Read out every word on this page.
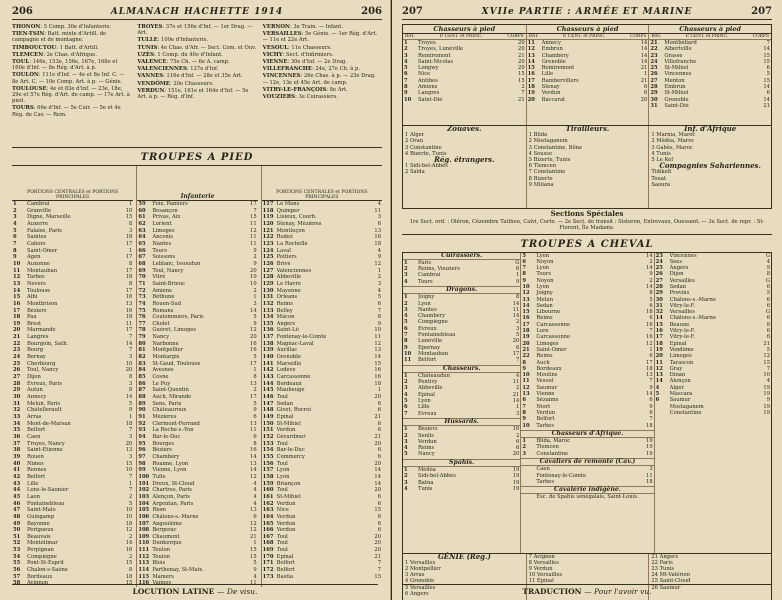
206	ALMANACH HACHETTE 1914	206
THONON: 5 Comp. 30e d'Infanterie.
TIEN-TSIN: Batt. mixte d'Artill. de campagne et de montagne.
TIMBOUCTOU: 1 Batt. d'Artill.
TLEMCEN: 2e Chas. d'Afrique.
TOUL: 146e, 153e, 156e, 167e, 168e et 160e d'Inf. — 8e Rég. d'Art. à p.
TOULON: 111e d'Inf. — 4e et 8e Inf. C. — 8e Art. C. — 10e Comp. Art. à p. — Génie.
TOULOUSE: 4e et 83e d'Inf. — 23e, 18e, 29e et 57e Rég. d'Art. de camp. — 17e Art. à pied.
TOURS: 66e d'Inf. — 5e Cuir. — 5e et 4e Rég. de Cav. — Rem.
TROYES: 37e et 156e d'Inf. — 1er Drag. — Art.
TULLE: 100e d'Infanterie.
TUNIS: 4e Chas. d'Afr. — Sect. Com. et Ouv.
UZÈS: 1 Comp. du 40e d'Infant.
VALENCE: 75e Ch. — 6e A. camp.
VALENCIENNES: 127e d'Inf.
VANNES: 116e d'Inf. — 28e et 35e Art.
VENDÔME: 20e Chasseurs.
VERDUN: 151e, 161e et 164e d'Inf. — 5e Art. à p. — Rég. d'Inf.
VERNON: 3e Train. — Infant.
VERSAILLES: 5e Génie. — 1er Rég. d'Art. — 11e et 22e Art.
VESOUL: 11e Chasseurs.
VICHY: Sect. d'Infirmiers.
VIENNE: 30e d'Inf. — 2e Drag.
VILLEFRANCHE: 24e, 27e Ch. à p.
VINCENNES: 26e Chas. à p. — 23e Drag. — 12e, 13e et 45e Art. de camp.
VITRY-LE-FRANÇOIS: 8e Art.
VOUZIERS: 3e Cuirassiers.
TROUPES A PIED
PORTIONS CENTRALES et PORTIONS PRINCIPALES
1	Cambrai	1
2	Granville	10
3	Digne, Marseille	15
4	Auxerre	8
5	Falaise, Paris	3
6	Saintes	18
7	Cahors	17
8	Saint-Omer	1
9	Agen	17
10	Auxonne	8
11	Montauban	17
12	Tarbes	18
13	Nevers	8
14	Toulouse	17
15	Albi	16
16	Montbrison	13
17	Béziers	16
18	Pau	18
19	Brest	11
20	Marmande	17
21	Langres	7
22	Bourgoin, Sath.	14
23	Bourg	7
24	Bernay	3
25	Cherbourg	10
26	Toul, Nancy	20
27	Dijon	8
28	Évreux, Paris	3
29	Autun	8
30	Annecy	14
31	Melun, Paris	5
32	Châtellerault	9
33	Arras	1
34	Mont-de-Marsan	18
35	Belfort	7
36	Caen	3
37	Troyes, Nancy	20
38	Saint-Étienne	13
39	Rouen	3
40	Nîmes	15
41	Rennes	10
42	Belfort	7
43	Lille	1
44	Lons-le-Saunier	7
45	Laon	2
46	Fontainebleau	5
47	Saint-Malo	10
48	Guingamp	10
49	Bayonne	18
50	Périgueux	12
51	Beauvais	2
52	Montélimar	14
53	Perpignan	16
54	Compiègne	2
55	Pont-St-Esprit	15
56	Chalon-s-Saône	8
57	Bordeaux	18
58	Avignon	15
Infanterie
59	Foix, Pamiers	17
60	Besançon	7
61	Privas, Aix	15
62	Lorient	11
63	Limoges	12
64	Ancenis	11
65	Nantes	11
66	Tours	9
67	Soissons	2
68	Leblanc, Issoudun	9
69	Toul, Nancy	20
70	Vitré	10
71	Saint-Brieuc	10
72	Amiens	2
73	Béthune	1
74	Rouen-Sud	3
75	Romans	14
76	Coulommiers, Paris	5
77	Cholet	9
78	Guéret, Limoges	12
79	Nancy	20
80	Narbonne	16
81	Montpellier	16
82	Montargis	5
83	St-Gaud, Toulouse	17
84	Avesnes	1
85	Cosne	8
86	Le Puy	13
87	Saint-Quentin	2
88	Auch, Mirande	17
89	Sens, Paris	5
90	Châteauroux	9
91	Mézières	6
92	Clermont-Ferrand	13
93	La Roche-s.-Yon	11
94	Bar-le-Duc	6
95	Bourges	8
96	Béziers	16
97	Chambéry	14
98	Roanne, Lyon	13
99	Vienne, Lyon	14
100 Tulle	12
101 Dreux, St-Cloud	4
102 Chartres, Paris	4
103 Alençon, Paris	4
104 Argentan, Paris	4
105 Riom	13
106 Châlons-s.-Marne	6
107 Angoulême	12
108 Bergerac	12
109 Chaumont	21
110 Dunkerque	1
111 Toulon	15
112 Toulon	15
113 Blois	5
114 Parthenay, St-Maix.	9
115 Mamers	4
116 Vannes	11
PORTIONS CENTRALES et PORTIONS PRINCIPALES
117 Le Mans	4
118 Quimper	11
119 Lisieux, Courb.	3
120 Stenay, Mézières	6
121 Montluçon	13
122 Rodez	16
123 La Rochelle	18
124 Laval	4
125 Poitiers	9
126 Brive	12
127 Valenciennes	1
128 Abbeville	2
129 Le Havre	3
130 Mayenne	4
131 Orléans	5
132 Reims	6
133 Belley	7
134 Mâcon	8
135 Angers	9
136 Saint-Lô	10
137 Fontenay-le-Comte	11
138 Magnac-Laval	12
139 Aurillac	13
140 Grenoble	14
141 Marseille	15
142 Lodève	16
143 Carcassonne	16
144 Bordeaux	18
145 Maubeuge	1
146 Toul	20
147 Sedan	6
148 Givet, Rocroi	6
149 Épinal	21
150 St-Mihiel	6
151 Verdun	6
152 Gérardmer	21
153 Toul	20
154 Bar-le-Duc	6
155 Commercy	6
156 Toul	20
157 Lyon	14
158 Lyon	14
159 Briançon	14
160 Toul	20
161 St-Mihiel	6
162 Verdun	6
163 Nice	15
164 Verdun	6
165 Verdun	6
166 Verdun	6
167 Toul	20
168 Toul	20
169 Toul	20
170 Épinal	21
171 Belfort	7
172 Belfort	7
173 Bastia	15
LOCUTION LATINE — De visu.
207	XVIIe PARTIE : ARMÉE ET MARINE	207
Chasseurs à pied
BAT.	P. CENT. et PRINC.	CORPS
1	Troyes	20
2	Troyes, Lunéville	20
3	Remiremont	21
4	Saint-Nicolas	20
5	Longwy	20
6	Nice	15
7	Antibes	15
8	Amiens	2
9	Langres	7
10	Saint-Dié	21
Chasseurs à pied
BAT.	P. CENT. et PRINC.	CORPS
11	Annecy	14
12	Embrun	14
13	Chambéry	14
14	Grenoble	14
15	Remiremont	21
16	Lille	1
17	Rambervillers	21
18	Stenay	6
19	Verdun	6
20	Baccarat	20
Chasseurs à pied
BAT.	P. CENT. et PRINC.	CORPS
21	Montbéliard	7
22	Albertville	14
23	Grasse	15
24	Villefranche	15
25	St-Mihiel	6
26	Vincennes	5
27	Menton	15
28	Embrun	14
29	St-Mihiel	6
30	Grenoble	14
31	Saint-Dié	21
Zouaves.
1 Alger
2 Oran
3 Constantine
4 Bizerte, Tunis
Rég. étrangers.
1 Sidi-bel-Abbès
2 Saïda
Tirailleurs.
1 Blida
2 Mostaganem
3 Constantine, Bône
4 Sousse
5 Bizerte, Tunis
6 Tlemcen
7 Constantine
8 Bizerte
9 Miliana
Inf. d'Afrique
1 Marnia, Maroc
2 Médéa, Maroc
3 Gabès, Maroc
4 Tunis
5 Le Kef
Compagnies Sahariennes.
Tidikelt
Touat
Saoura
Sections Spéciales
1re Sect. ord. : Oléron, Cézembre Tatihou, Calvi, Corte. — 2e Sect. de transit : Sisteron, Entrevaux, Ouessant. — 3e Sect. de repr. : St-Florent, Île Madame.
TROUPES A CHEVAL
Cuirassiers.
1	Paris	G
2	Reims, Vouziers	6
3	Cambrai	1
4	Tours	9
Dragons.
1	Joigny	8
2	Lyon	14
3	Nantes	11
4	Chambéry	14
5	Compiègne	2
6	Évreux	3
7	Fontainebleau	5
8	Lunéville	20
9	Épernay	6
10	Montauban	17
11	Belfort	7
Chasseurs.
1	Châteaudun	4
2	Pontivy	11
3	Abbeville	2
4	Épinal	21
5	Lyon	14
6	Lille	1
7	Évreux	3
Hussards.
1	Béziers	16
2	Senlis	2
3	Verdun	6
4	Reims	6
5	Nancy	20
Spahis.
1	Médéa	19
2	Sidi-bel-Abbès	19
3	Batna	19
4	Tunis	19
5	Lyon	14
6	Noyon	2
7	Lyon	14
8	Tours	9
9	Noyon	2
10	Lyon	14
12	Joigny	8
13	Melun	5
14	Sedan	6
15	Libourne	18
16	Reims	6
17	Carcassonne	16
18	Lure	7
19	Carcassonne	16
20	Limoges	12
21	Saint-Omer	1
22	Reims	6
8	Auch	17
9	Bordeaux	18
10	Moulins	13
11	Vesoul	7
12	Saumur	9
13	Vienne	14
6	Sézanne	6
7	Niort	9
8	Verdun	6
9	Belfort	7
10	Tarbes	18
Chasseurs d'Afrique.
1	Blida, Maroc	19
2	Tlemcen	19
3	Constantine	19
Cavaliers de remonte (Cav.)
Caen	3
Fontenay-le-Comte	11
Tarbes	18
Cavalerie indigène.
Esc. de Spahis sénégalais, Saint-Louis.
23	Vincennes	G
24	Sées	4
25	Angers	9
26	Dijon	8
27	Versailles	G
28	Sedan	6
29	Provins	5
30	Châlons-s.-Marne	6
31	Vitry-le-F.	6
32	Versailles	G
14	Châlons-s.-Marne	6
15	Beaune	8
16	Vitry-le-F.	6
17	Vitry-le-F.	6
18	Épinal	21
19	Vendôme	5
20	Limoges	12
11	Tarascon	15
12	Gray	7
13	Dinan	10
14	Alençon	4
4	Alger	19
5	Mascara	19
6	Saumur	9
Mostaganem	19
Constantine	19
GÉNIE (Rég.)
1 Versailles
2 Montpellier
3 Arras
4 Grenoble
5 Versailles
6 Angers
7 Avignon
8 Versailles
9 Verdun
10 Versailles
11 Épinal
21 Angers
22 Paris
23 Tunis
24 Mt-Valérien
25 Saint-Cloud
26 Saumur
TRADUCTION — Pour l'avoir vu.
